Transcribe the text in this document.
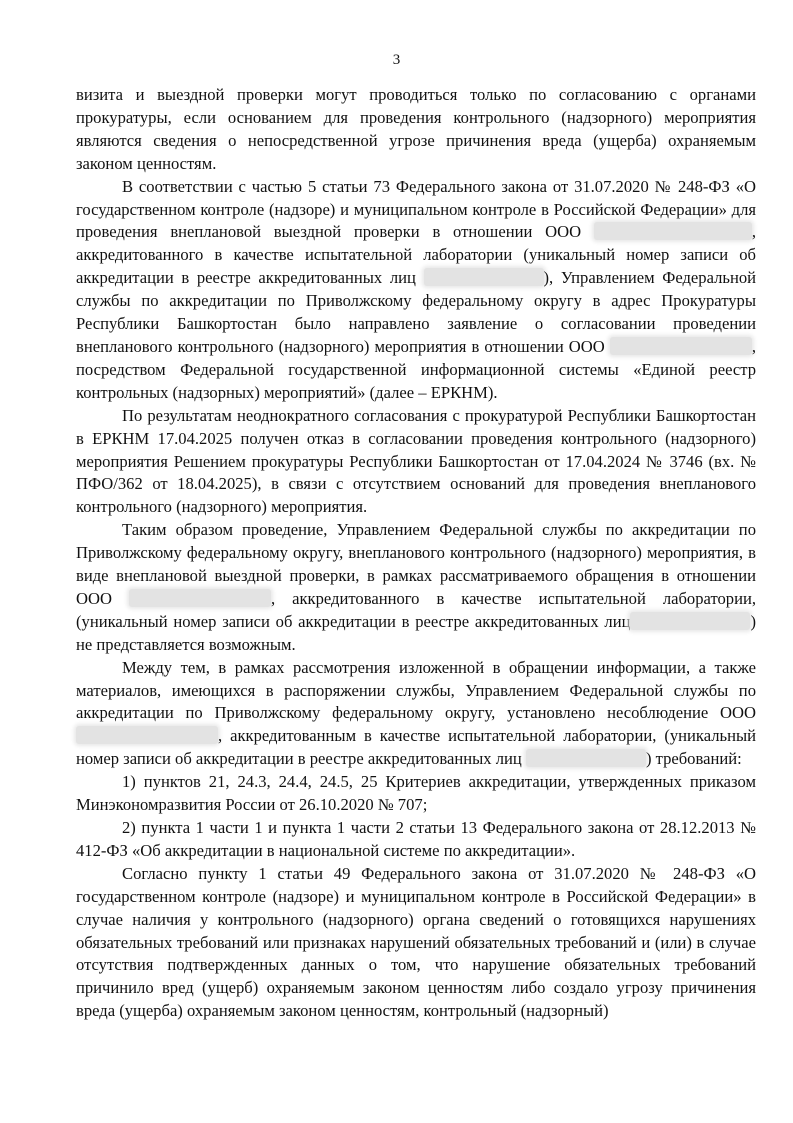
3

визита и выездной проверки могут проводиться только по согласованию с органами прокуратуры, если основанием для проведения контрольного (надзорного) мероприятия являются сведения о непосредственной угрозе причинения вреда (ущерба) охраняемым законом ценностям.

В соответствии с частью 5 статьи 73 Федерального закона от 31.07.2020 № 248-ФЗ «О государственном контроле (надзоре) и муниципальном контроле в Российской Федерации» для проведения внеплановой выездной проверки в отношении ООО	, аккредитованного в качестве испытательной лаборатории (уникальный номер записи об аккредитации в реестре аккредитованных лиц	), Управлением Федеральной службы по аккредитации по Приволжскому федеральному округу в адрес Прокуратуры Республики Башкортостан было направлено заявление о согласовании проведении внепланового контрольного (надзорного) мероприятия в отношении ООО	, посредством Федеральной государственной информационной системы «Единой реестр контрольных (надзорных) мероприятий» (далее – ЕРКНМ).

По результатам неоднократного согласования с прокуратурой Республики Башкортостан в ЕРКНМ 17.04.2025 получен отказ в согласовании проведения контрольного (надзорного) мероприятия Решением прокуратуры Республики Башкортостан от 17.04.2024 № 3746 (вх. № ПФО/362 от 18.04.2025), в связи с отсутствием оснований для проведения внепланового контрольного (надзорного) мероприятия.

Таким образом проведение, Управлением Федеральной службы по аккредитации по Приволжскому федеральному округу, внепланового контрольного (надзорного) мероприятия, в виде внеплановой выездной проверки, в рамках рассматриваемого обращения в отношении ООО	, аккредитованного в качестве испытательной лаборатории, (уникальный номер записи об аккредитации в реестре аккредитованных лиц	) не представляется возможным.

Между тем, в рамках рассмотрения изложенной в обращении информации, а также материалов, имеющихся в распоряжении службы, Управлением Федеральной службы по аккредитации по Приволжскому федеральному округу, установлено несоблюдение ООО , аккредитованным в качестве испытательной лаборатории, (уникальный номер записи об аккредитации в реестре аккредитованных лиц	) требований:

1) пунктов 21, 24.3, 24.4, 24.5, 25 Критериев аккредитации, утвержденных приказом Минэкономразвития России от 26.10.2020 № 707;

2) пункта 1 части 1 и пункта 1 части 2 статьи 13 Федерального закона от 28.12.2013 № 412-ФЗ «Об аккредитации в национальной системе по аккредитации».

Согласно пункту 1 статьи 49 Федерального закона от 31.07.2020 № 248-ФЗ «О государственном контроле (надзоре) и муниципальном контроле в Российской Федерации» в случае наличия у контрольного (надзорного) органа сведений о готовящихся нарушениях обязательных требований или признаках нарушений обязательных требований и (или) в случае отсутствия подтвержденных данных о том, что нарушение обязательных требований причинило вред (ущерб) охраняемым законом ценностям либо создало угрозу причинения вреда (ущерба) охраняемым законом ценностям, контрольный (надзорный)
